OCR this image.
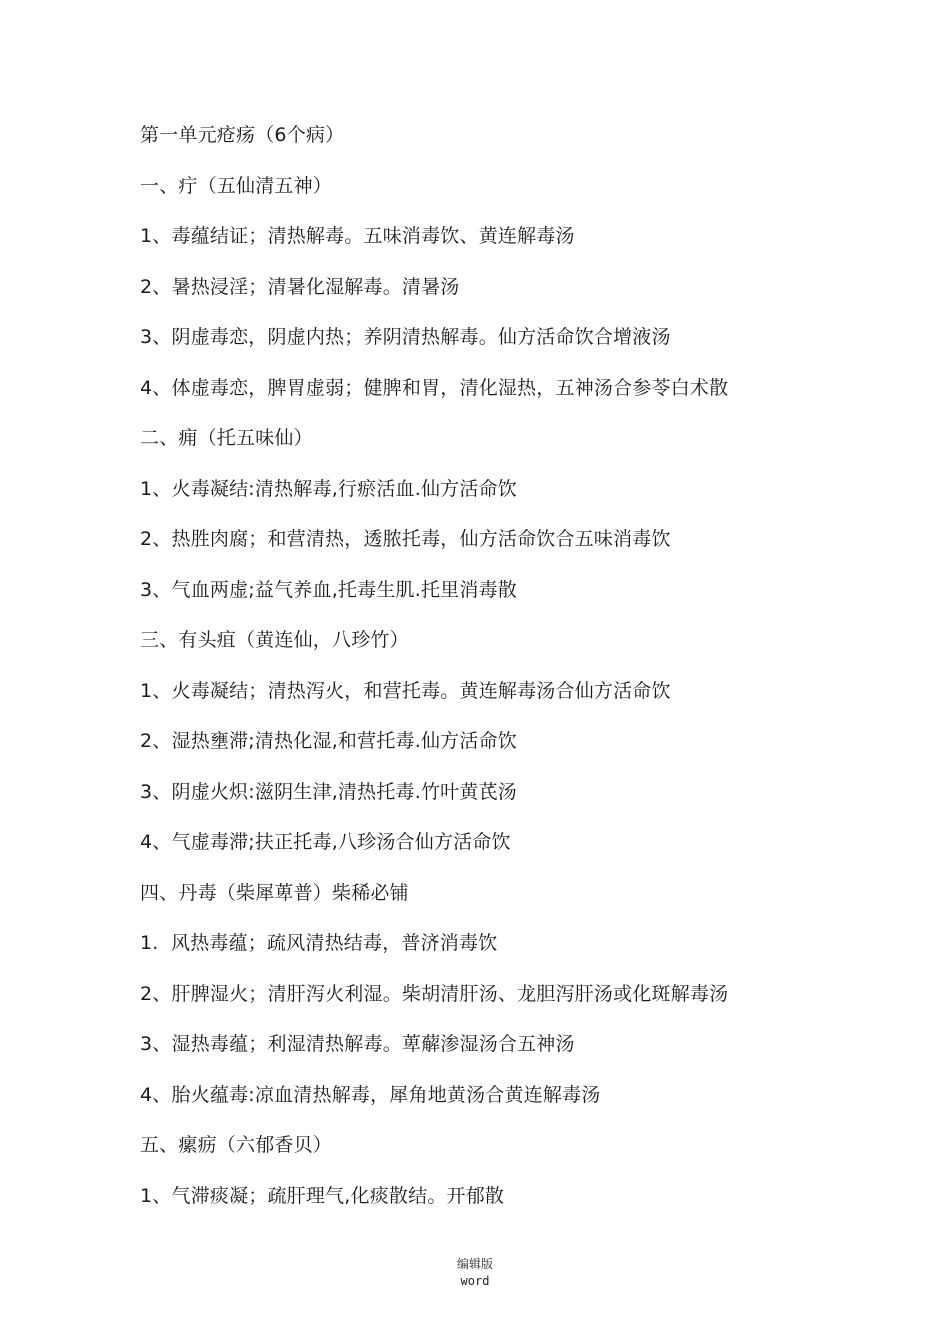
第一单元疮疡（6个病）
一、疔（五仙清五神）
1、毒蕴结证；清热解毒。五味消毒饮、黄连解毒汤
2、暑热浸淫；清暑化湿解毒。清暑汤
3、阴虚毒恋，阴虚内热；养阴清热解毒。仙方活命饮合增液汤
4、体虚毒恋，脾胃虚弱；健脾和胃，清化湿热，五神汤合参苓白术散
二、痈（托五味仙）
1、火毒凝结:清热解毒,行瘀活血.仙方活命饮
2、热胜肉腐；和营清热，透脓托毒，仙方活命饮合五味消毒饮
3、气血两虚;益气养血,托毒生肌.托里消毒散
三、有头疽（黄连仙，八珍竹）
1、火毒凝结；清热泻火，和营托毒。黄连解毒汤合仙方活命饮
2、湿热壅滞;清热化湿,和营托毒.仙方活命饮
3、阴虚火炽:滋阴生津,清热托毒.竹叶黄芪汤
4、气虚毒滞;扶正托毒,八珍汤合仙方活命饮
四、丹毒（柴犀萆普）柴稀必铺
1.  风热毒蕴；疏风清热结毒，普济消毒饮
2、肝脾湿火；清肝泻火利湿。柴胡清肝汤、龙胆泻肝汤或化斑解毒汤
3、湿热毒蕴；利湿清热解毒。萆薢渗湿汤合五神汤
4、胎火蕴毒:凉血清热解毒，犀角地黄汤合黄连解毒汤
五、瘰疬（六郁香贝）
1、气滞痰凝；疏肝理气,化痰散结。开郁散
编辑版
word
